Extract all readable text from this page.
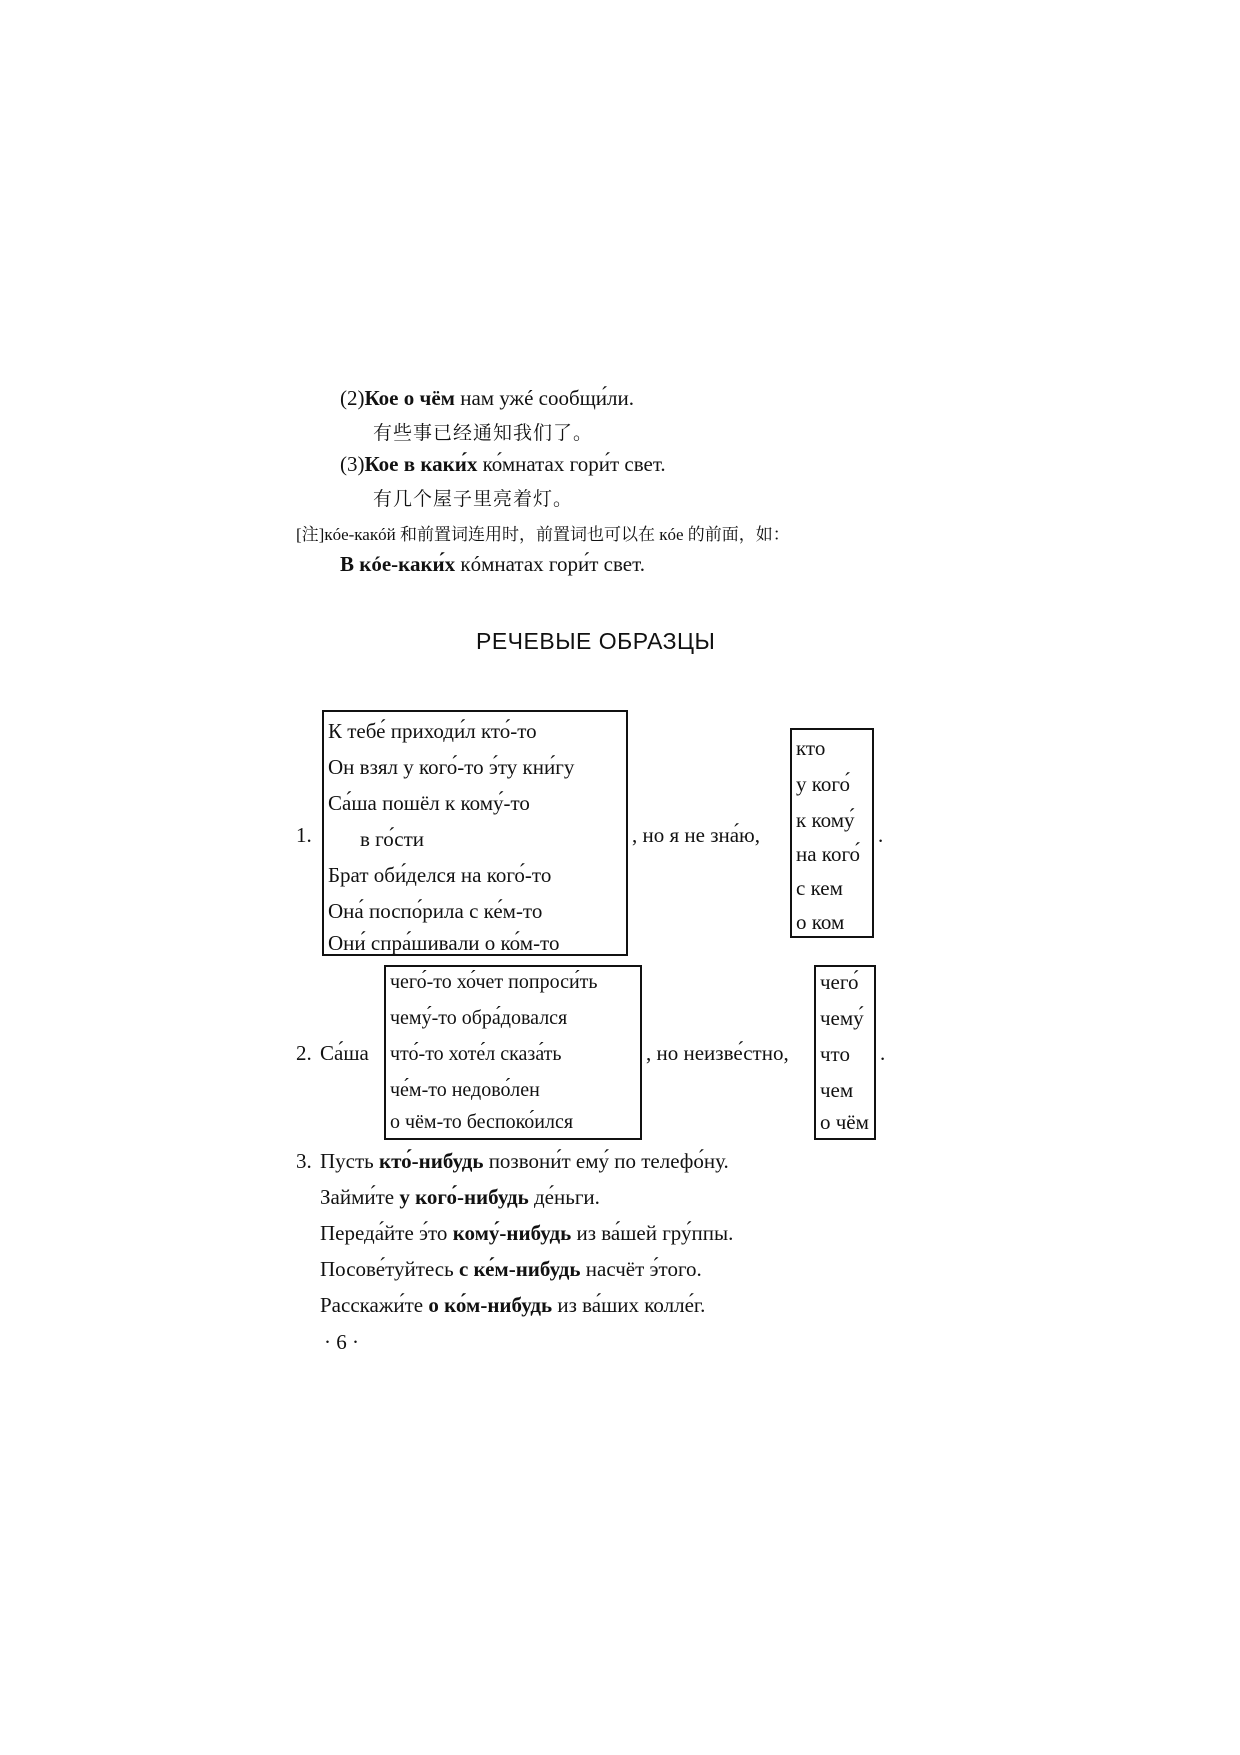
(2)Кое о чём нам ужé сообщи́ли.
有些事已经通知我们了。
(3)Кое в каки́х ко́мнатах гори́т свет.
有几个屋子里亮着灯。
[注]кóе-какóй 和前置词连用时，前置词也可以在 кóе 的前面，如：
В кóе-каки́х кóмнатах гори́т свет.
РЕЧЕВЫЕ ОБРАЗЦЫ
1.
К тебе́ приходи́л кто́-то
Он взял у кого́-то э́ту кни́гу
Са́ша пошёл к кому́-то
в го́сти
Брат оби́делся на кого́-то
Она́ поспо́рила с ке́м-то
Они́ спра́шивали о ко́м-то
, но я не зна́ю,
кто
у кого́
к кому́
на кого́
с кем
о ком
.
2. Са́ша
чего́-то хо́чет попроси́ть
чему́-то обра́довался
что́-то хоте́л сказа́ть
че́м-то недово́лен
о чём-то беспоко́ился
, но неизве́стно,
чего́
чему́
что
чем
о чём
.
3. Пусть кто́-нибудь позвони́т ему́ по телефо́ну.
Займи́те у кого́-нибудь де́ньги.
Переда́йте э́то кому́-нибудь из ва́шей гру́ппы.
Посове́туйтесь с ке́м-нибудь насчёт э́того.
Расскажи́те о ко́м-нибудь из ва́ших колле́г.
· 6 ·
